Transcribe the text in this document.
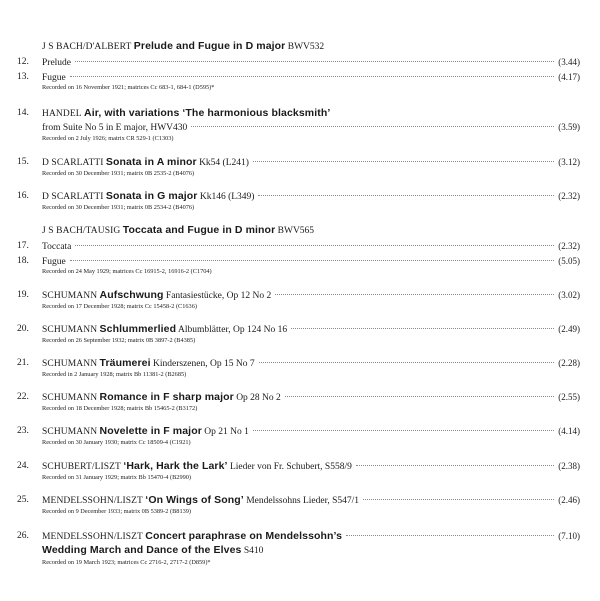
J S BACH/D'ALBERT Prelude and Fugue in D major BWV532
12.	Prelude	(3.44)
13.	Fugue	(4.17)
Recorded on 16 November 1921; matrices Cc 683-1, 684-1 (D595)*
14.	HANDEL Air, with variations ‘The harmonious blacksmith’
from Suite No 5 in E major, HWV430	(3.59)
Recorded on 2 July 1926; matrix CR 529-1 (C1303)
15.	D SCARLATTI Sonata in A minor Kk54 (L241)	(3.12)
Recorded on 30 December 1931; matrix 0B 2535-2 (B4076)
16.	D SCARLATTI Sonata in G major Kk146 (L349)	(2.32)
Recorded on 30 December 1931; matrix 0B 2534-2 (B4076)
J S BACH/TAUSIG Toccata and Fugue in D minor BWV565
17.	Toccata	(2.32)
18.	Fugue	(5.05)
Recorded on 24 May 1929; matrices Cc 16915-2, 16916-2 (C1704)
19.	SCHUMANN Aufschwung Fantasiestücke, Op 12 No 2	(3.02)
Recorded on 17 December 1928; matrix Cc 15458-2 (C1636)
20.	SCHUMANN Schlummerlied Albumblätter, Op 124 No 16	(2.49)
Recorded on 26 September 1932; matrix 0B 3897-2 (B4385)
21.	SCHUMANN Träumerei Kinderszenen, Op 15 No 7	(2.28)
Recorded in 2 January 1928; matrix Bb 11381-2 (B2685)
22.	SCHUMANN Romance in F sharp major Op 28 No 2	(2.55)
Recorded on 18 December 1928; matrix Bb 15465-2 (B3172)
23.	SCHUMANN Novelette in F major Op 21 No 1	(4.14)
Recorded on 30 January 1930; matrix Cc 18509-4 (C1921)
24.	SCHUBERT/LISZT ‘Hark, Hark the Lark’ Lieder von Fr. Schubert, S558/9	(2.38)
Recorded on 31 January 1929; matrix Bb 15470-4 (B2990)
25.	MENDELSSOHN/LISZT ‘On Wings of Song’ Mendelssohns Lieder, S547/1	(2.46)
Recorded on 9 December 1933; matrix 0B 5389-2 (B8139)
26.	MENDELSSOHN/LISZT Concert paraphrase on Mendelssohn’s	(7.10)
Wedding March and Dance of the Elves S410
Recorded on 19 March 1923; matrices Cc 2716-2, 2717-2 (D859)*
